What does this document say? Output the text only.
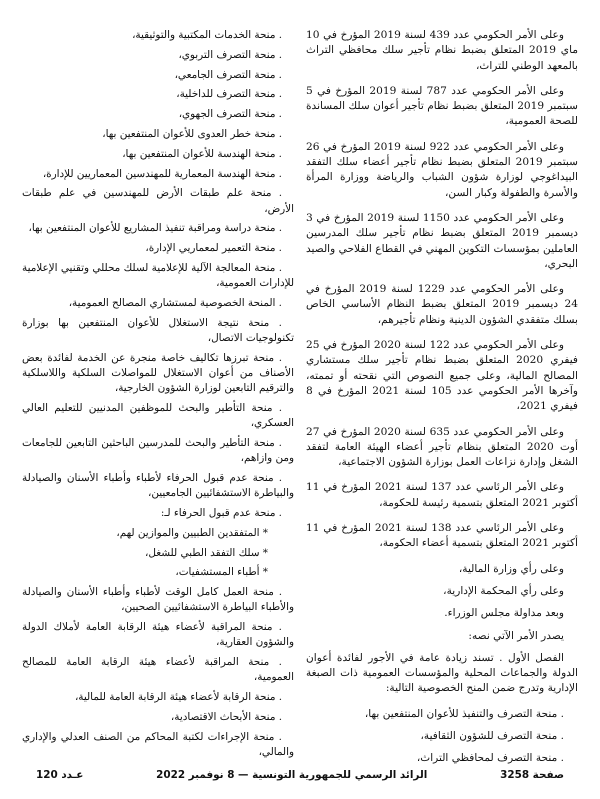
وعلى الأمر الحكومي عدد 439 لسنة 2019 المؤرخ في 10 ماي 2019 المتعلق بضبط نظام تأجير سلك محافظي التراث بالمعهد الوطني للتراث،

وعلى الأمر الحكومي عدد 787 لسنة 2019 المؤرخ في 5 سبتمبر 2019 المتعلق بضبط نظام تأجير أعوان سلك المساندة للصحة العمومية،

وعلى الأمر الحكومي عدد 922 لسنة 2019 المؤرخ في 26 سبتمبر 2019 المتعلق بضبط نظام تأجير أعضاء سلك التفقد البيداغوجي لوزارة شؤون الشباب والرياضة ووزارة المرأة والأسرة والطفولة وكبار السن،

وعلى الأمر الحكومي عدد 1150 لسنة 2019 المؤرخ في 3 ديسمبر 2019 المتعلق بضبط نظام تأجير سلك المدرسين العاملين بمؤسسات التكوين المهني في القطاع الفلاحي والصيد البحري،

وعلى الأمر الحكومي عدد 1229 لسنة 2019 المؤرخ في 24 ديسمبر 2019 المتعلق بضبط النظام الأساسي الخاص بسلك متفقدي الشؤون الدينية ونظام تأجيرهم،

وعلى الأمر الحكومي عدد 122 لسنة 2020 المؤرخ في 25 فيفري 2020 المتعلق بضبط نظام تأجير سلك مستشاري المصالح المالية، وعلى جميع النصوص التي نقحته أو تممته، وآخرها الأمر الحكومي عدد 105 لسنة 2021 المؤرخ في 8 فيفري 2021،

وعلى الأمر الحكومي عدد 635 لسنة 2020 المؤرخ في 27 أوت 2020 المتعلق بنظام تأجير أعضاء الهيئة العامة لتفقد الشغل وإدارة نزاعات العمل بوزارة الشؤون الاجتماعية،

وعلى الأمر الرئاسي عدد 137 لسنة 2021 المؤرخ في 11 أكتوبر 2021 المتعلق بتسمية رئيسة للحكومة،

وعلى الأمر الرئاسي عدد 138 لسنة 2021 المؤرخ في 11 أكتوبر 2021 المتعلق بتسمية أعضاء الحكومة،

وعلى رأي وزارة المالية،

وعلى رأي المحكمة الإدارية،

وبعد مداولة مجلس الوزراء.

يصدر الأمر الآتي نصه:

الفصل الأول . تسند زيادة عامة في الأجور لفائدة أعوان الدولة والجماعات المحلية والمؤسسات العمومية ذات الصبغة الإدارية وتدرج ضمن المنح الخصوصية التالية:

. منحة التصرف والتنفيذ للأعوان المنتفعين بها،

. منحة التصرف للشؤون الثقافية،

. منحة التصرف لمحافظي التراث،

. منحة الخدمات المكتبية والتوثيقية،

. منحة التصرف التربوي،

. منحة التصرف الجامعي،

. منحة التصرف للداخلية،

. منحة التصرف الجهوي،

. منحة خطر العدوى للأعوان المنتفعين بها،

. منحة الهندسة للأعوان المنتفعين بها،

. منحة الهندسة المعمارية للمهندسين المعماريين للإدارة،

. منحة علم طبقات الأرض للمهندسين في علم طبقات الأرض،

. منحة دراسة ومراقبة تنفيذ المشاريع للأعوان المنتفعين بها،

. منحة التعمير لمعماريي الإدارة،

. منحة المعالجة الآلية للإعلامية لسلك محللي وتقنيي الإعلامية للإدارات العمومية،

. المنحة الخصوصية لمستشاري المصالح العمومية،

. منحة نتيجة الاستغلال للأعوان المنتفعين بها بوزارة تكنولوجيات الاتصال،

. منحة تبرزها تكاليف خاصة منجرة عن الخدمة لفائدة بعض الأصناف من أعوان الاستغلال للمواصلات السلكية واللاسلكية والترقيم التابعين لوزارة الشؤون الخارجية،

. منحة التأطير والبحث للموظفين المدنيين للتعليم العالي العسكري،

. منحة التأطير والبحث للمدرسين الباحثين التابعين للجامعات ومن وازاهم،

. منحة عدم قبول الحرفاء لأطباء وأطباء الأسنان والصيادلة والبياطرة الاستشفائيين الجامعيين،

. منحة عدم قبول الحرفاء لـ:

* المتفقدين الطبيين والموازين لهم،

* سلك التفقد الطبي للشغل،

* أطباء المستشفيات،

. منحة العمل كامل الوقت لأطباء وأطباء الأسنان والصيادلة والأطباء البياطرة الاستشفائيين الصحيين،

. منحة المراقبة لأعضاء هيئة الرقابة العامة لأملاك الدولة والشؤون العقارية،

. منحة المراقبة لأعضاء هيئة الرقابة العامة للمصالح العمومية،

. منحة الرقابة لأعضاء هيئة الرقابة العامة للمالية،

. منحة الأبحاث الاقتصادية،

. منحة الإجراءات لكتبة المحاكم من الصنف العدلي والإداري والمالي،

صفحة 3258
الرائد الرسمي للجمهورية التونسية — 8 نوفمبر 2022
عـدد 120
